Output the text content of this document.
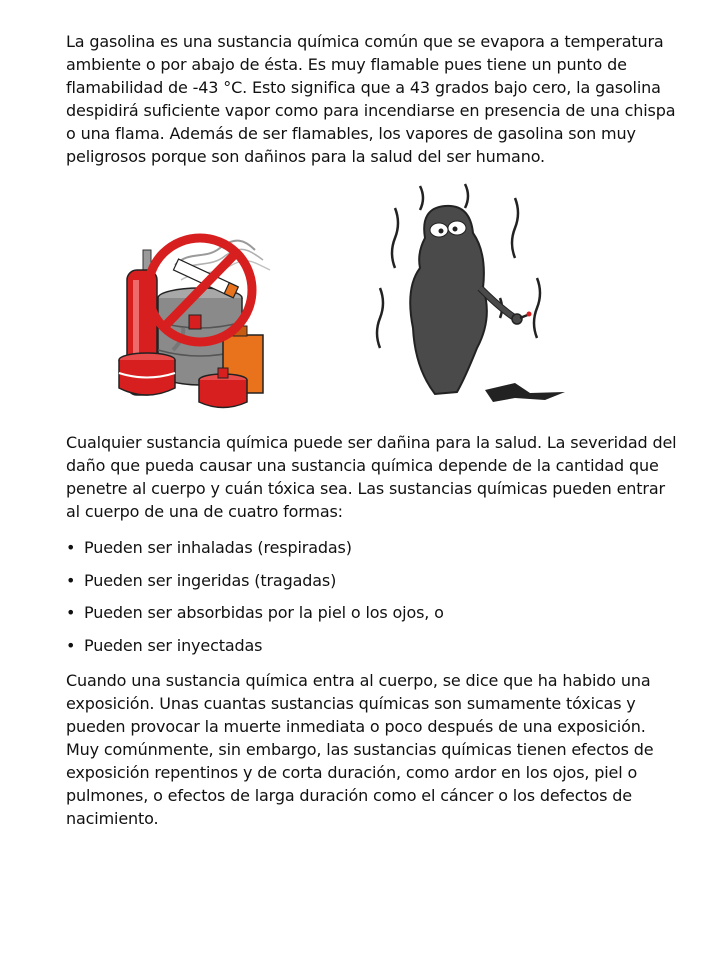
La gasolina es una sustancia química común que se evapora a temperatura ambiente o por abajo de ésta. Es muy flamable pues tiene un punto de flamabilidad de -43 °C. Esto significa que a 43 grados bajo cero, la gasolina despidirá suficiente vapor como para incendiarse en presencia de una chispa o una flama. Además de ser flamables, los vapores de gasolina son muy peligrosos porque son dañinos para la salud del ser humano.

Cualquier sustancia química puede ser dañina para la salud. La severidad del daño que pueda causar una sustancia química depende de la cantidad que penetre al cuerpo y cuán tóxica sea. Las sustancias químicas pueden entrar al cuerpo de una de cuatro formas:

• Pueden ser inhaladas (respiradas)
• Pueden ser ingeridas (tragadas)
• Pueden ser absorbidas por la piel o los ojos, o
• Pueden ser inyectadas

Cuando una sustancia química entra al cuerpo, se dice que ha habido una exposición. Unas cuantas sustancias químicas son sumamente tóxicas y pueden provocar la muerte inmediata o poco después de una exposición. Muy comúnmente, sin embargo, las sustancias químicas tienen efectos de exposición repentinos y de corta duración, como ardor en los ojos, piel o pulmones, o efectos de larga duración como el cáncer o los defectos de nacimiento.
